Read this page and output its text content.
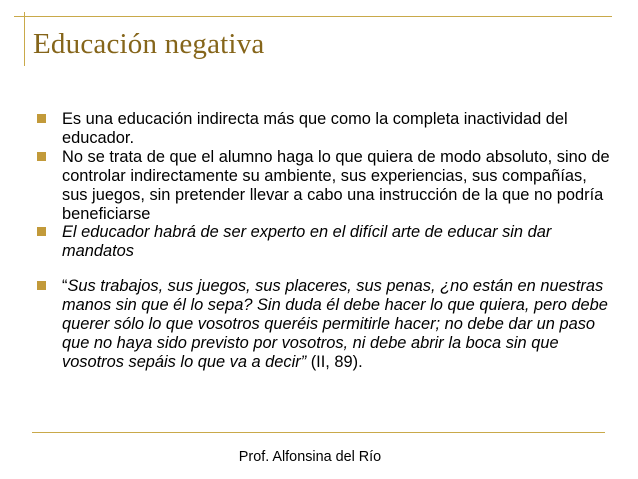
Educación negativa
Es una educación indirecta más que como la completa inactividad del educador.
No se trata de que el alumno haga lo que quiera de modo absoluto, sino de controlar indirectamente su ambiente, sus experiencias, sus compañías, sus juegos, sin pretender llevar a cabo una instrucción de la que no podría beneficiarse
El educador habrá de ser experto en el difícil arte de educar sin dar mandatos
“Sus trabajos, sus juegos, sus placeres, sus penas, ¿no están en nuestras manos sin que él lo sepa? Sin duda él debe hacer lo que quiera, pero debe querer sólo lo que vosotros queréis permitirle hacer; no debe dar un paso que no haya sido previsto por vosotros, ni debe abrir la boca sin que vosotros sepáis lo que va a decir” (II, 89).
Prof. Alfonsina del Río
